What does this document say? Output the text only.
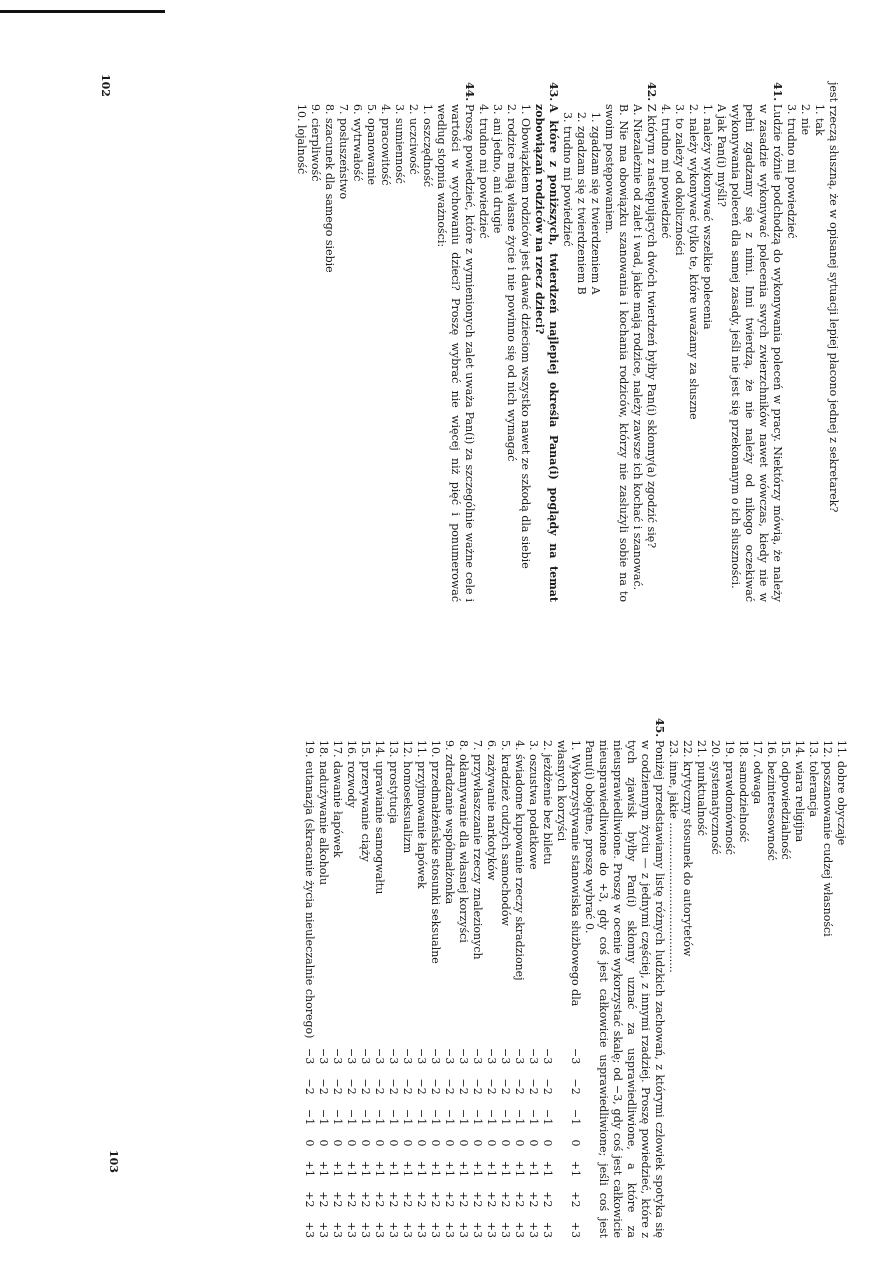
102
103
jest rzeczą słuszną, że w opisanej sytuacji lepiej płacono jednej z sekretarek?
1. tak
2. nie
3. trudno mi powiedzieć
41.
Ludzie różnie podchodzą do wykonywania poleceń w pracy. Niektórzy mówią, że należy w zasadzie wykonywać polecenia swych zwierzchników nawet wówczas, kiedy nie w pełni zgadzamy się z nimi. Inni twierdzą, że nie należy od nikogo oczekiwać wykonywania poleceń dla samej zasady, jeśli nie jest się przekonanym o ich słuszności.
A jak Pan(i) myśli?
1. należy wykonywać wszelkie polecenia
2. należy wykonywać tylko te, które uważamy za słuszne
3. to zależy od okoliczności
4. trudno mi powiedzieć
42.
Z którym z następujących dwóch twierdzeń byłby Pan(i) skłonny(a) zgodzić się?
A. Niezależnie od zalet i wad, jakie mają rodzice, należy zawsze ich kochać i szanować.
B. Nie ma obowiązku szanowania i kochania rodziców, którzy nie zasłużyli sobie na to swoim postępowaniem.
1. zgadzam się z twierdzeniem A
2. zgadzam się z twierdzeniem B
3. trudno mi powiedzieć
43.
A które z poniższych, twierdzeń najlepiej określa Pana(i) poglądy na temat zobowiązań rodziców na rzecz dzieci?
1. Obowiązkiem rodziców jest dawać dzieciom wszystko nawet ze szkodą dla siebie
2. rodzice mają własne życie i nie powinno się od nich wymagać
3. ani jedno, ani drugie
4. trudno mi powiedzieć
44.
Proszę powiedzieć, które z wymienionych zalet uważa Pan(i) za szczególnie ważne cele i wartości w wychowaniu dzieci? Proszę wybrać nie więcej niż pięć i ponumerować według stopnia ważności:
1. oszczędność
2. uczciwość
3. sumienność
4. pracowitość
5. opanowanie
6. wytrwałość
7. posłuszeństwo
8. szacunek dla samego siebie
9. cierpliwość
10. lojalność
11. dobre obyczaje
12. poszanowanie cudzej własności
13. tolerancja
14. wiara religijna
15. odpowiedzialność
16. bezinteresowność
17. odwaga
18. samodzielność
19. prawdomówność
20. systematyczność
21. punktualność
22. krytyczny stosunek do autorytetów
23. inne, jakie ...........................................
45.
Poniżej przedstawiamy listę różnych ludzkich zachowań, z którymi człowiek spotyka się w codziennym życiu — z jednymi częściej, z innymi rzadziej. Proszę powiedzieć, które z tych zjawisk byłby Pan(i) skłonny uznać za usprawiedliwione, a które za nieusprawiedliwione. Proszę w ocenie wykorzystać skalę; od −3, gdy coś jest całkowicie nieusprawiedliwione do +3, gdy coś jest całkowicie usprawiedliwione; jeśli coś jest Panu(i) obojętne, proszę wybrać 0.
1. Wykorzystywanie stanowiska służbowego dla własnych korzyści
−3
−2
−1
0
+1
+2
+3
2. jeżdżenie bez biletu
−3
−2
−1
0
+1
+2
+3
3. oszustwa podatkowe
−3
−2
−1
0
+1
+2
+3
4. świadome kupowanie rzeczy skradzionej
−3
−2
−1
0
+1
+2
+3
5. kradzież cudzych samochodów
−3
−2
−1
0
+1
+2
+3
6. zażywanie narkotyków
−3
−2
−1
0
+1
+2
+3
7. przywłaszczanie rzeczy znalezionych
−3
−2
−1
0
+1
+2
+3
8. okłamywanie dla własnej korzyści
−3
−2
−1
0
+1
+2
+3
9. zdradzanie współmałżonka
−3
−2
−1
0
+1
+2
+3
10. przedmałżeńskie stosunki seksualne
−3
−2
−1
0
+1
+2
+3
11. przyjmowanie łapówek
−3
−2
−1
0
+1
+2
+3
12. homoseksualizm
−3
−2
−1
0
+1
+2
+3
13. prostytucja
−3
−2
−1
0
+1
+2
+3
14. uprawianie samogwałtu
−3
−2
−1
0
+1
+2
+3
15. przerywanie ciąży
−3
−2
−1
0
+1
+2
+3
16. rozwody
−3
−2
−1
0
+1
+2
+3
17. dawanie łapówek
−3
−2
−1
0
+1
+2
+3
18. nadużywanie alkoholu
−3
−2
−1
0
+1
+2
+3
19. eutanazja (skracanie życia nieuleczalnie chorego)
−3
−2
−1
0
+1
+2
+3
